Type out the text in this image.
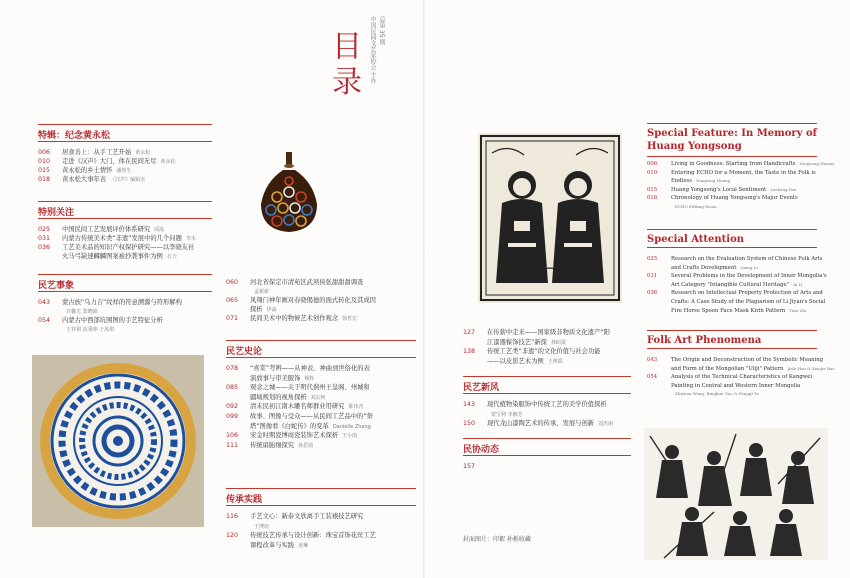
目 录
总第 35 期
中国民间文艺家协会 主办
特辑：纪念黄永松
006	居食善上：从手工艺开始 黄永松
010	走进《汉声》大门，体在民间无尽 黄永松
015	黄永松的乡土情怀 潘鲁生
018	黄永松大事年表 《汉声》编辑室
特别关注
025	中国民间工艺发展评价体系研究 邱泓
031	内蒙古传统美术类“非遗”发展中的几个问题 李木
036	工艺美术品的知识产权保护研究——以李晓友社
火马弓缺速麟麟图案被抄袭事件为例 石天
民艺事象
043	蒙古族“乌力吉”纹样的符意溯源与符形解构
许馨尤 郑晓娟
054	内蒙古中西部坑围图的手艺特征分析
王祥祺 高秉坤 于凤琪
060	河北省保定市清苑区武夙侯张甜甜甜调查
孟新新
065	凤翔门神年画对春晓偈德的面式转化及其成因
探析 伊淼
071	民间美术中的物候艺术创作观念 徐哲宏
民艺史论
078	“喜棠”考辨——从神表、神曲到世俗化的表
演放事与审美服饰 杨辉
085	观念之城——关于明代蓟州王皇阁、州城和
疆域规划的视角探析 刘玄柯
092	清末民初江南木雕名师群业用研究 陈伟青
099	故事、图像与受众——从民间工艺品中的“祭
塔”图像看《白蛇传》的变革 Danielle Zhang
106	宋金时期瓷博商瓷装饰艺术探析 王小雨
111	传统扇胎细探究 孙思茵
传承实践
116	手艺文心：新泰文欣离手工装裱技艺研究
王博瑄
120	传统技艺传承与设计创新：珠宝首饰花丝工艺
课程改革与实践 姜琳
127	在传薪中走来——国家级非物质文化遗产“阳
江漆器髹饰技艺”新探 林昭棠
138	传统工艺类“非遗”的文化价值与社会功能
——以皮影艺术为例 王博韬
民艺新风
143	现代植物染服饰中传统工艺的美学价值探析
蒙宝利 李湘芳
150	现代龙山漆陶艺术的传承、发展与创新 刘杰丽
民协动态
157
Special Feature: In Memory of Huang Yongsong
006	Living in Goodness: Starting from Handicrafts Yongsong Huang
010	Entering ECHO for a Moment, the Taste in the Folk is
Endless Yongsong Huang
015	Huang Yongsong's Local Sentiment Lusheng Pan
018	Chronology of Huang Yongsong's Major Events
ECHO Editing Room
Special Attention
025	Research on the Evaluation System of Chinese Folk Arts
and Crafts Development Qiang Li
031	Several Problems in the Development of Inner Mongolia's
Art Category "Intangible Cultural Heritage" Ai Li
036	Research on Intellectual Property Protection of Arts and
Crafts: A Case Study of the Plagiarism of Li Jiyan's Social
Fire Horse Spoon Face Mask Kirin Pattern Tian Shi
Folk Art Phenomena
043	The Origin and Deconstruction of the Symbolic Meaning
and Form of the Mongolian "Uliji" Pattern Jiale Hsu & Xiaojie Bao
054	Analysis of the Technical Characteristics of Kangwei
Painting in Central and Western Inner Mongolia
Zhiyuan Wang, Bingkun Gao & Fengqi Yu
封面图片：印絮 孙栎收藏
